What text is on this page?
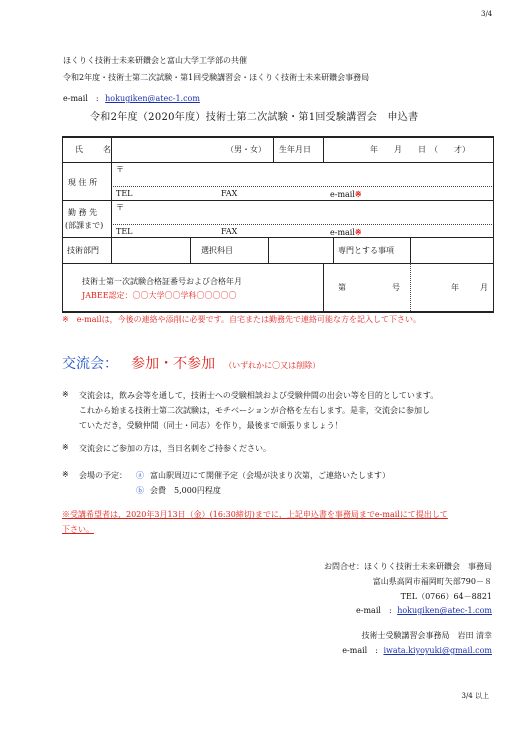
3/4
ほくりく技術士未来研鑽会と富山大学工学部の共催
令和2年度・技術士第二次試験・第1回受験講習会・ほくりく技術士未来研鑽会事務局
e-mail　: hokugiken@atec-1.com
令和2年度（2020年度）技術士第二次試験・第1回受験講習会　申込書
氏　名	（男・女） 生年月日	年　　月　　日　（　　才）
現 住 所
〒
TEL	FAX	e-mail※
勤 務 先
(部課まで)
〒
TEL	FAX	e-mail※
技術部門	選択科目	専門とする事項
技術士第一次試験合格証番号および合格年月
JABEE認定：〇〇大学〇〇学科〇〇〇〇〇
第	号	年	月
※　e-mailは，今後の連絡や添削に必要です。自宅または勤務先で連絡可能な方を記入して下さい。
交流会： 参加・不参加 （いずれかに〇又は削除）
※ 交流会は，飲み会等を通して，技術士への受験相談および受験仲間の出会い等を目的としています。
これから始まる技術士第二次試験は，モチベーションが合格を左右します。是非，交流会に参加し
ていただき，受験仲間（同士・同志）を作り，最後まで頑張りましょう！
※ 交流会にご参加の方は，当日名刺をご持参ください。
※ 会場の予定： ⓐ 富山駅周辺にて開催予定（会場が決まり次第，ご連絡いたします）
ⓑ 会費　5,000円程度
※受講希望者は，2020年3月13日（金）(16:30締切)までに，上記申込書を事務局までe-mailにて提出して
下さい。
お問合せ：ほくりく技術士未来研鑽会　事務局
富山県高岡市福岡町矢部790－８
TEL（0766）64－8821
e-mail　: hokugiken@atec-1.com
技術士受験講習会事務局　岩田 清幸
e-mail　: iwata.kiyoyuki@gmail.com
3/4 以上
